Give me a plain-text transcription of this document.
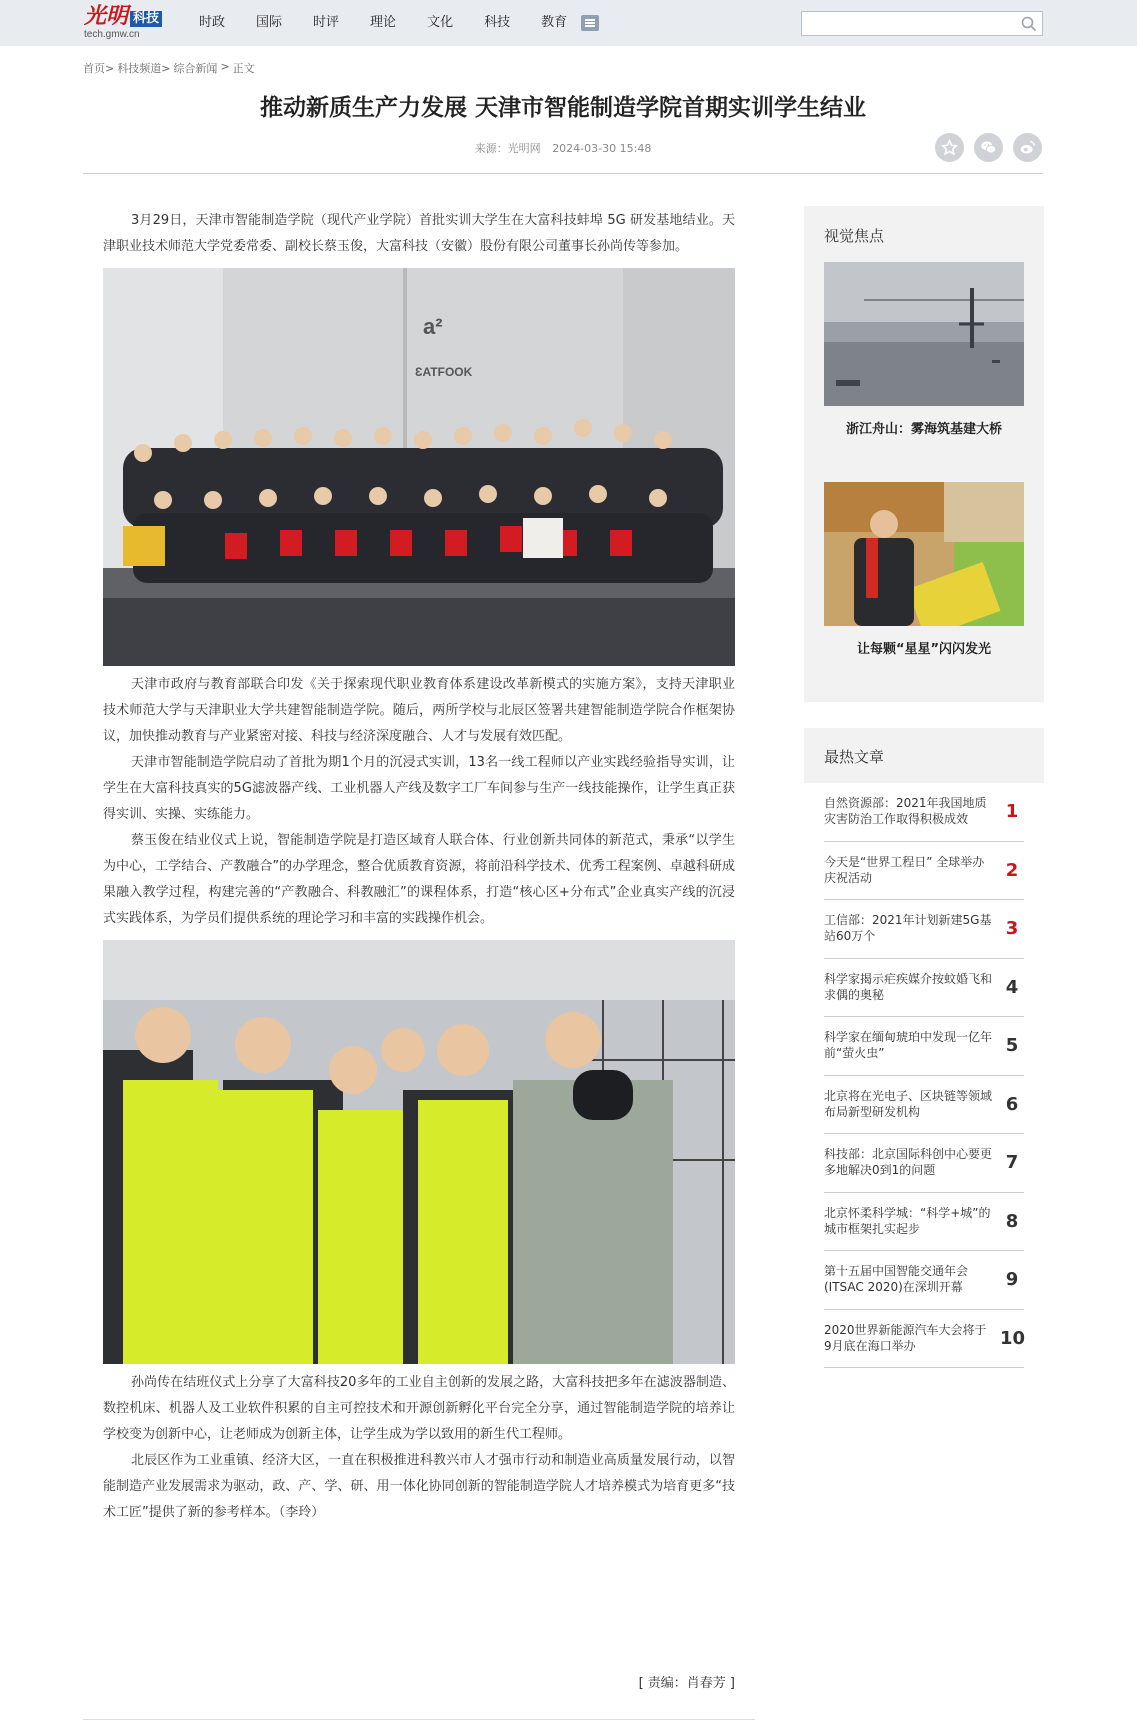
光明 科技
tech.gmw.cn
时政 国际 时评 理论 文化 科技 教育
首页> 科技频道> 综合新闻 > 正文
推动新质生产力发展 天津市智能制造学院首期实训学生结业
来源：光明网 2024-03-30 15:48

3月29日，天津市智能制造学院（现代产业学院）首批实训大学生在大富科技蚌埠 5G 研发基地结业。天津职业技术师范大学党委常委、副校长蔡玉俊，大富科技（安徽）股份有限公司董事长孙尚传等参加。

a²
ƐATFOOK

天津市政府与教育部联合印发《关于探索现代职业教育体系建设改革新模式的实施方案》，支持天津职业技术师范大学与天津职业大学共建智能制造学院。随后，两所学校与北辰区签署共建智能制造学院合作框架协议，加快推动教育与产业紧密对接、科技与经济深度融合、人才与发展有效匹配。

天津市智能制造学院启动了首批为期1个月的沉浸式实训，13名一线工程师以产业实践经验指导实训，让学生在大富科技真实的5G滤波器产线、工业机器人产线及数字工厂车间参与生产一线技能操作，让学生真正获得实训、实操、实练能力。

蔡玉俊在结业仪式上说，智能制造学院是打造区域育人联合体、行业创新共同体的新范式，秉承“以学生为中心，工学结合、产教融合”的办学理念，整合优质教育资源，将前沿科学技术、优秀工程案例、卓越科研成果融入教学过程，构建完善的“产教融合、科教融汇”的课程体系，打造“核心区+分布式”企业真实产线的沉浸式实践体系，为学员们提供系统的理论学习和丰富的实践操作机会。

孙尚传在结班仪式上分享了大富科技20多年的工业自主创新的发展之路，大富科技把多年在滤波器制造、数控机床、机器人及工业软件积累的自主可控技术和开源创新孵化平台完全分享，通过智能制造学院的培养让学校变为创新中心，让老师成为创新主体，让学生成为学以致用的新生代工程师。

北辰区作为工业重镇、经济大区，一直在积极推进科教兴市人才强市行动和制造业高质量发展行动，以智能制造产业发展需求为驱动，政、产、学、研、用一体化协同创新的智能制造学院人才培养模式为培育更多“技术工匠”提供了新的参考样本。（李玲）

[ 责编：肖春芳 ]
视觉焦点
浙江舟山：雾海筑基建大桥
让每颗“星星”闪闪发光
最热文章
自然资源部：2021年我国地质灾害防治工作取得积极成效	1
今天是“世界工程日” 全球举办庆祝活动	2
工信部：2021年计划新建5G基站60万个	3
科学家揭示疟疾媒介按蚊婚飞和求偶的奥秘	4
科学家在缅甸琥珀中发现一亿年前“萤火虫”	5
北京将在光电子、区块链等领域布局新型研发机构	6
科技部：北京国际科创中心要更多地解决0到1的问题	7
北京怀柔科学城：“科学+城”的城市框架扎实起步	8
第十五届中国智能交通年会(ITSAC 2020)在深圳开幕	9
2020世界新能源汽车大会将于9月底在海口举办	10
